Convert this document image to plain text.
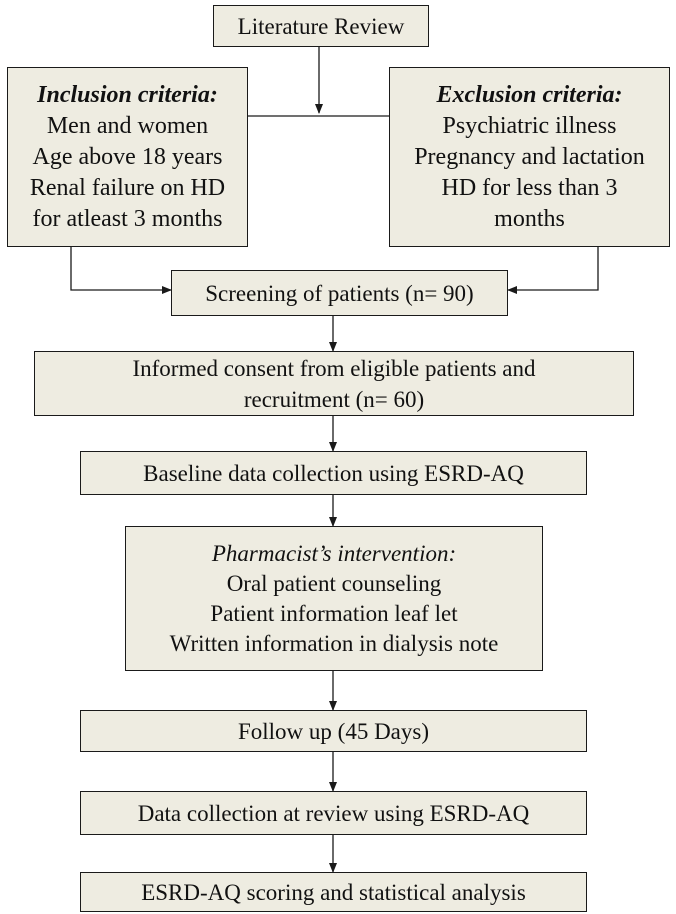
Literature Review
Inclusion criteria:
Men and women
Age above 18 years
Renal failure on HD
for atleast 3 months
Exclusion criteria:
Psychiatric illness
Pregnancy and lactation
HD for less than 3
months
Screening of patients (n= 90)
Informed consent from eligible patients and
recruitment (n= 60)
Baseline data collection using ESRD-AQ
Pharmacist’s intervention:
Oral patient counseling
Patient information leaf let
Written information in dialysis note
Follow up (45 Days)
Data collection at review using ESRD-AQ
ESRD-AQ scoring and statistical analysis
